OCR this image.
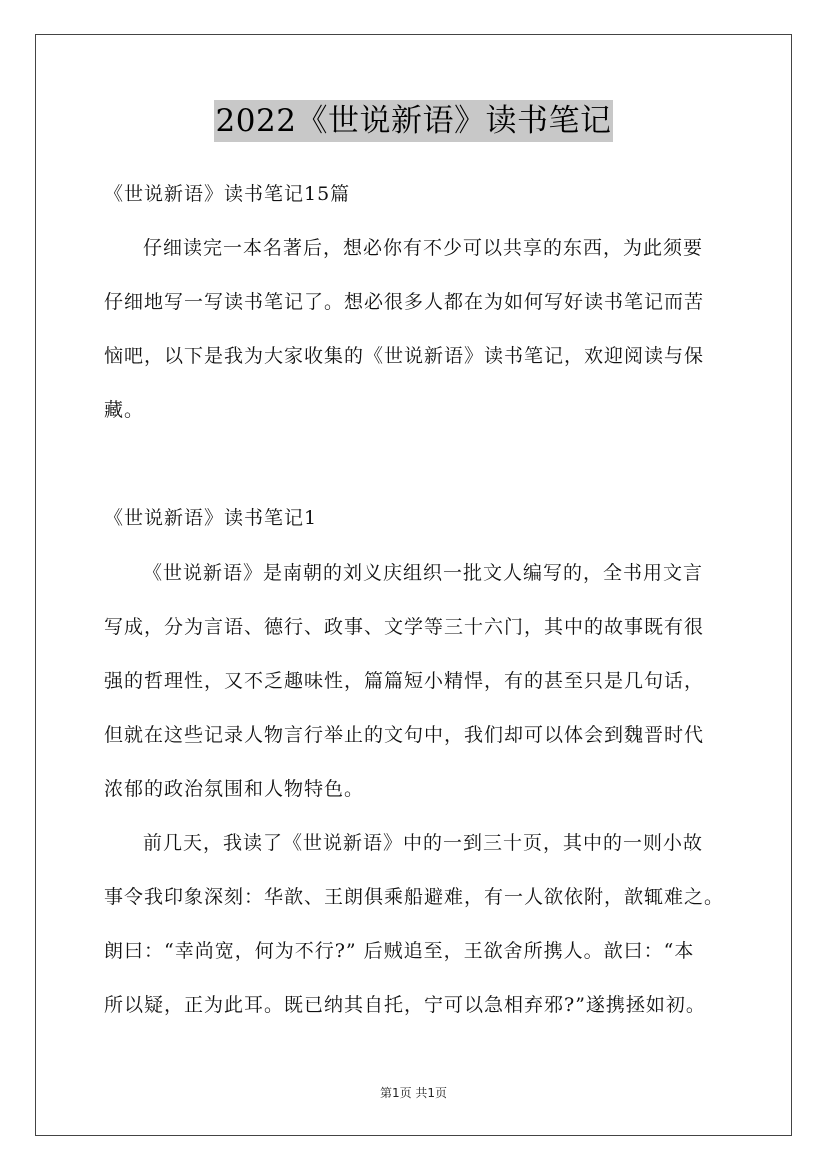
2022《世说新语》读书笔记
《世说新语》读书笔记15篇
仔细读完一本名著后，想必你有不少可以共享的东西，为此须要
仔细地写一写读书笔记了。想必很多人都在为如何写好读书笔记而苦
恼吧，以下是我为大家收集的《世说新语》读书笔记，欢迎阅读与保
藏。
《世说新语》读书笔记1
《世说新语》是南朝的刘义庆组织一批文人编写的，全书用文言
写成，分为言语、德行、政事、文学等三十六门，其中的故事既有很
强的哲理性，又不乏趣味性，篇篇短小精悍，有的甚至只是几句话，
但就在这些记录人物言行举止的文句中，我们却可以体会到魏晋时代
浓郁的政治氛围和人物特色。
前几天，我读了《世说新语》中的一到三十页，其中的一则小故
事令我印象深刻：华歆、王朗俱乘船避难，有一人欲依附，歆辄难之。
朗曰：“幸尚宽，何为不行?” 后贼追至，王欲舍所携人。歆曰：“本
所以疑，正为此耳。既已纳其自托，宁可以急相弃邪?”遂携拯如初。
第1页 共1页
